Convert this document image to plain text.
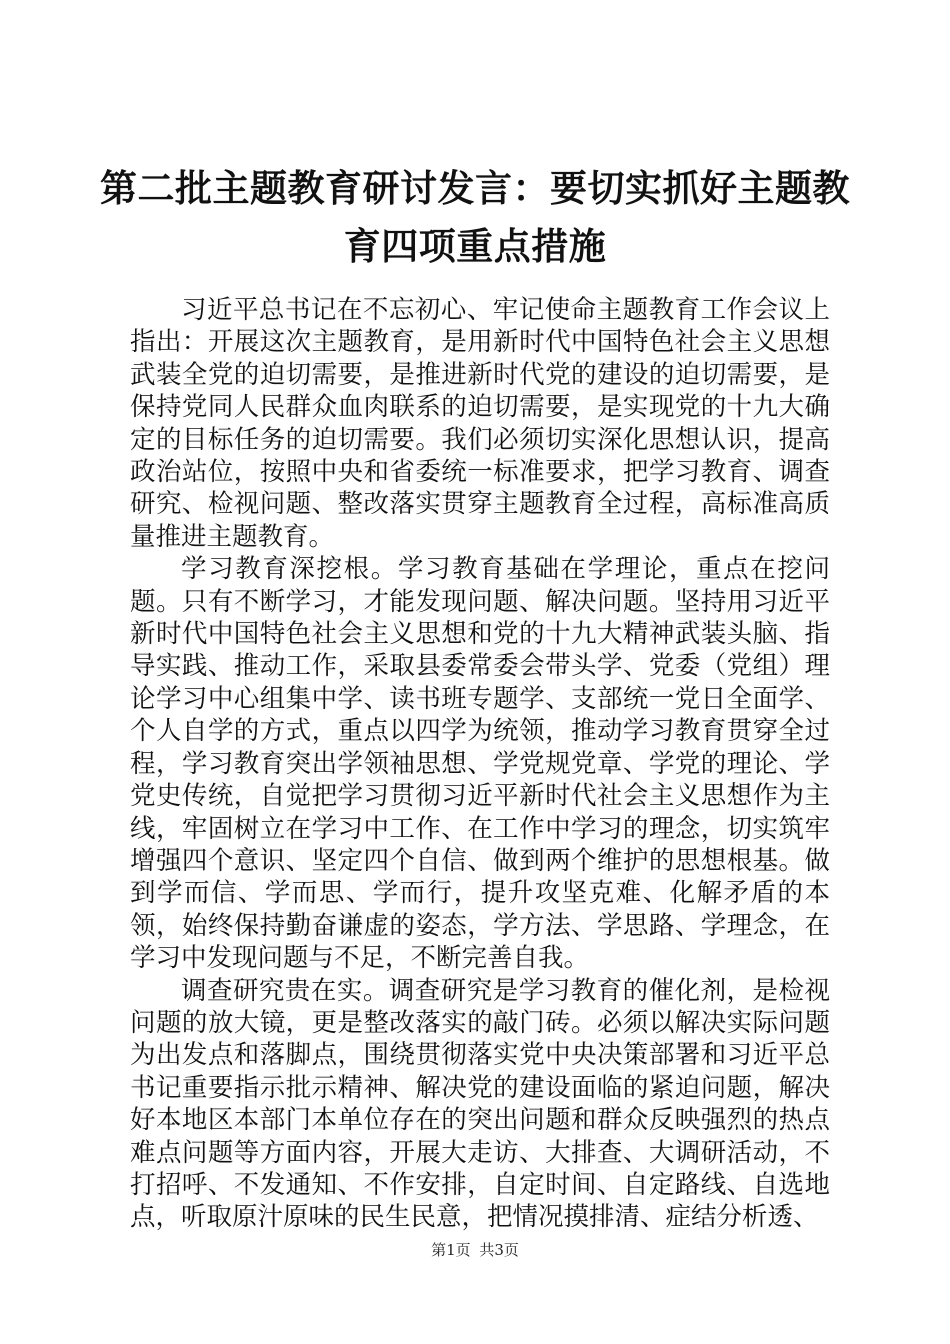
第二批主题教育研讨发言：要切实抓好主题教育四项重点措施

习近平总书记在不忘初心、牢记使命主题教育工作会议上指出：开展这次主题教育，是用新时代中国特色社会主义思想武装全党的迫切需要，是推进新时代党的建设的迫切需要，是保持党同人民群众血肉联系的迫切需要，是实现党的十九大确定的目标任务的迫切需要。我们必须切实深化思想认识，提高政治站位，按照中央和省委统一标准要求，把学习教育、调查研究、检视问题、整改落实贯穿主题教育全过程，高标准高质量推进主题教育。

学习教育深挖根。学习教育基础在学理论，重点在挖问题。只有不断学习，才能发现问题、解决问题。坚持用习近平新时代中国特色社会主义思想和党的十九大精神武装头脑、指导实践、推动工作，采取县委常委会带头学、党委（党组）理论学习中心组集中学、读书班专题学、支部统一党日全面学、个人自学的方式，重点以四学为统领，推动学习教育贯穿全过程，学习教育突出学领袖思想、学党规党章、学党的理论、学党史传统，自觉把学习贯彻习近平新时代社会主义思想作为主线，牢固树立在学习中工作、在工作中学习的理念，切实筑牢增强四个意识、坚定四个自信、做到两个维护的思想根基。做到学而信、学而思、学而行，提升攻坚克难、化解矛盾的本领，始终保持勤奋谦虚的姿态，学方法、学思路、学理念，在学习中发现问题与不足，不断完善自我。

调查研究贵在实。调查研究是学习教育的催化剂，是检视问题的放大镜，更是整改落实的敲门砖。必须以解决实际问题为出发点和落脚点，围绕贯彻落实党中央决策部署和习近平总书记重要指示批示精神、解决党的建设面临的紧迫问题，解决好本地区本部门本单位存在的突出问题和群众反映强烈的热点难点问题等方面内容，开展大走访、大排查、大调研活动，不打招呼、不发通知、不作安排，自定时间、自定路线、自选地点，听取原汁原味的民生民意，把情况摸排清、症结分析透、

第1页 共3页
